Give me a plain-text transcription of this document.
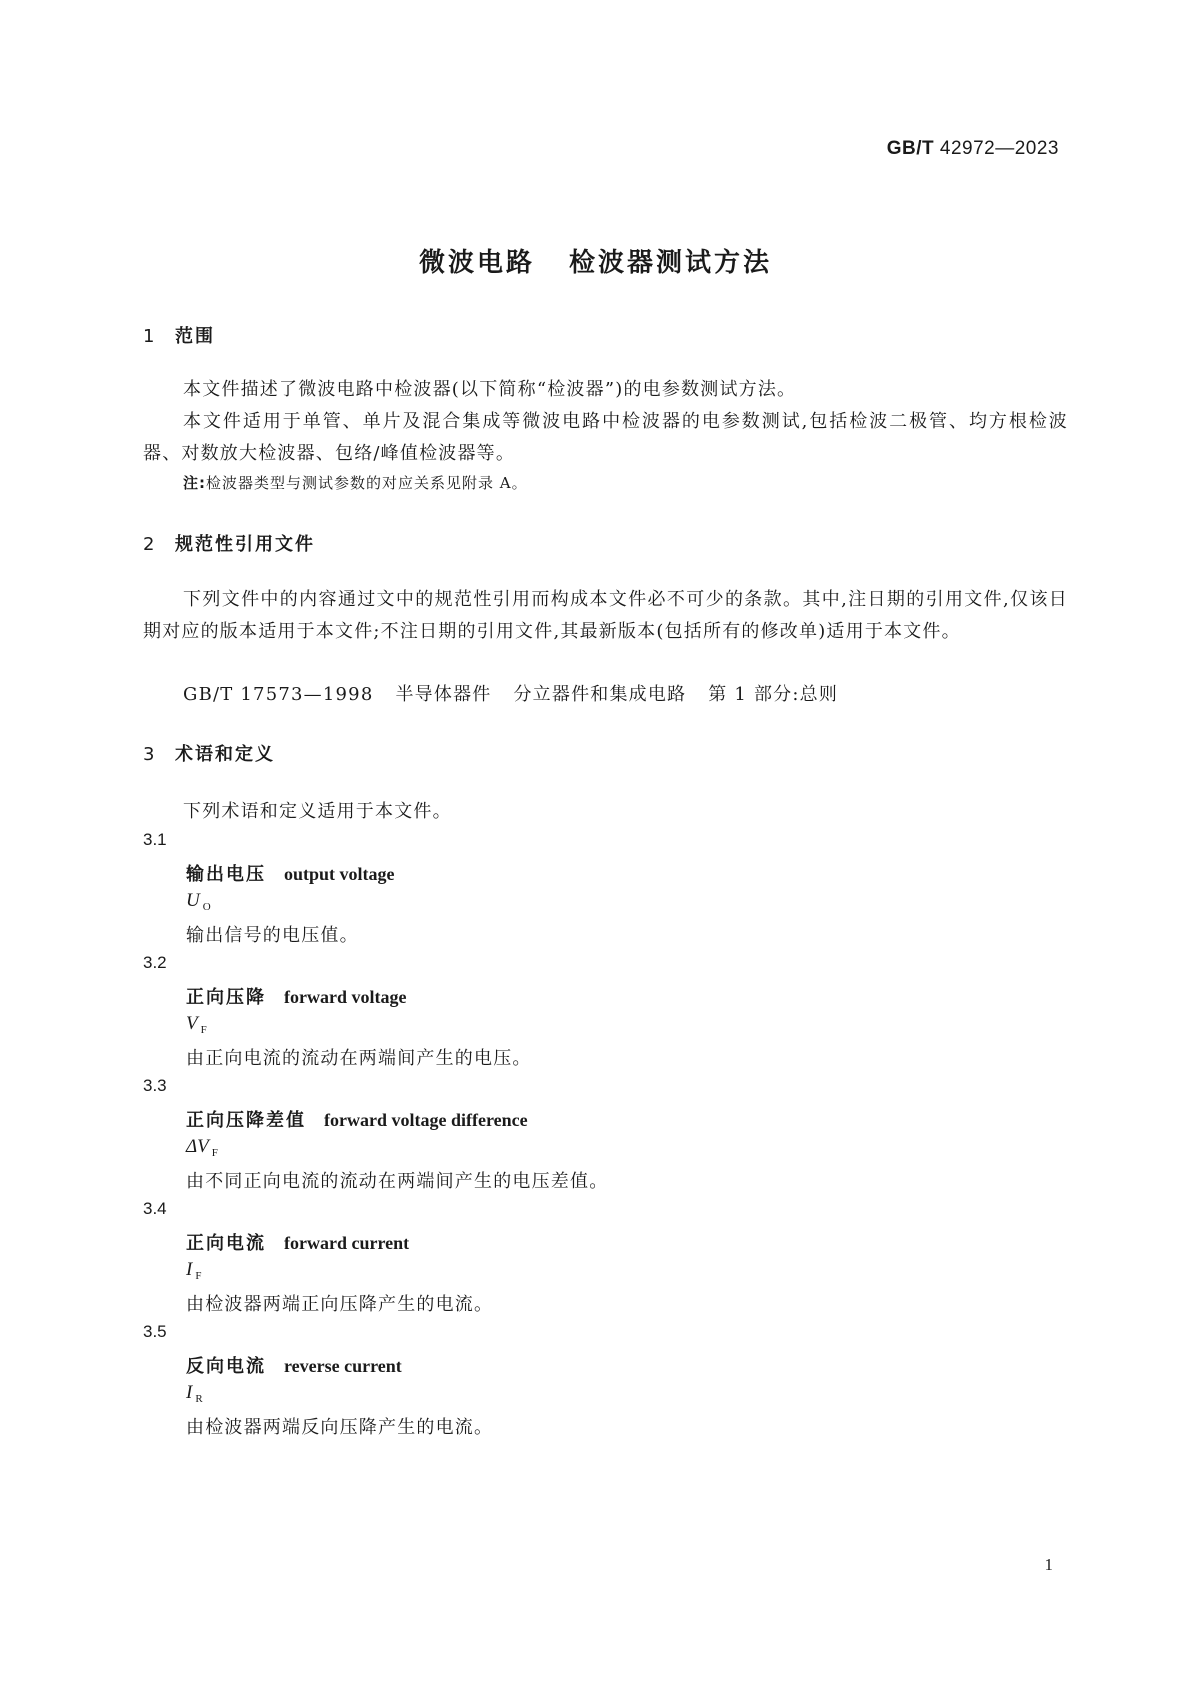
GB/T 42972—2023
微波电路 检波器测试方法
1 范围
本文件描述了微波电路中检波器(以下简称“检波器”)的电参数测试方法。
本文件适用于单管、单片及混合集成等微波电路中检波器的电参数测试,包括检波二极管、均方根检波器、对数放大检波器、包络/峰值检波器等。
注:检波器类型与测试参数的对应关系见附录 A。
2 规范性引用文件
下列文件中的内容通过文中的规范性引用而构成本文件必不可少的条款。其中,注日期的引用文件,仅该日期对应的版本适用于本文件;不注日期的引用文件,其最新版本(包括所有的修改单)适用于本文件。
GB/T 17573—1998 半导体器件 分立器件和集成电路 第 1 部分:总则
3 术语和定义
下列术语和定义适用于本文件。
3.1
输出电压 output voltage
U $_O$
输出信号的电压值。
3.2
正向压降 forward voltage
V $_F$
由正向电流的流动在两端间产生的电压。
3.3
正向压降差值 forward voltage difference
ΔV $_F$
由不同正向电流的流动在两端间产生的电压差值。
3.4
正向电流 forward current
I $_F$
由检波器两端正向压降产生的电流。
3.5
反向电流 reverse current
I $_R$
由检波器两端反向压降产生的电流。
1
